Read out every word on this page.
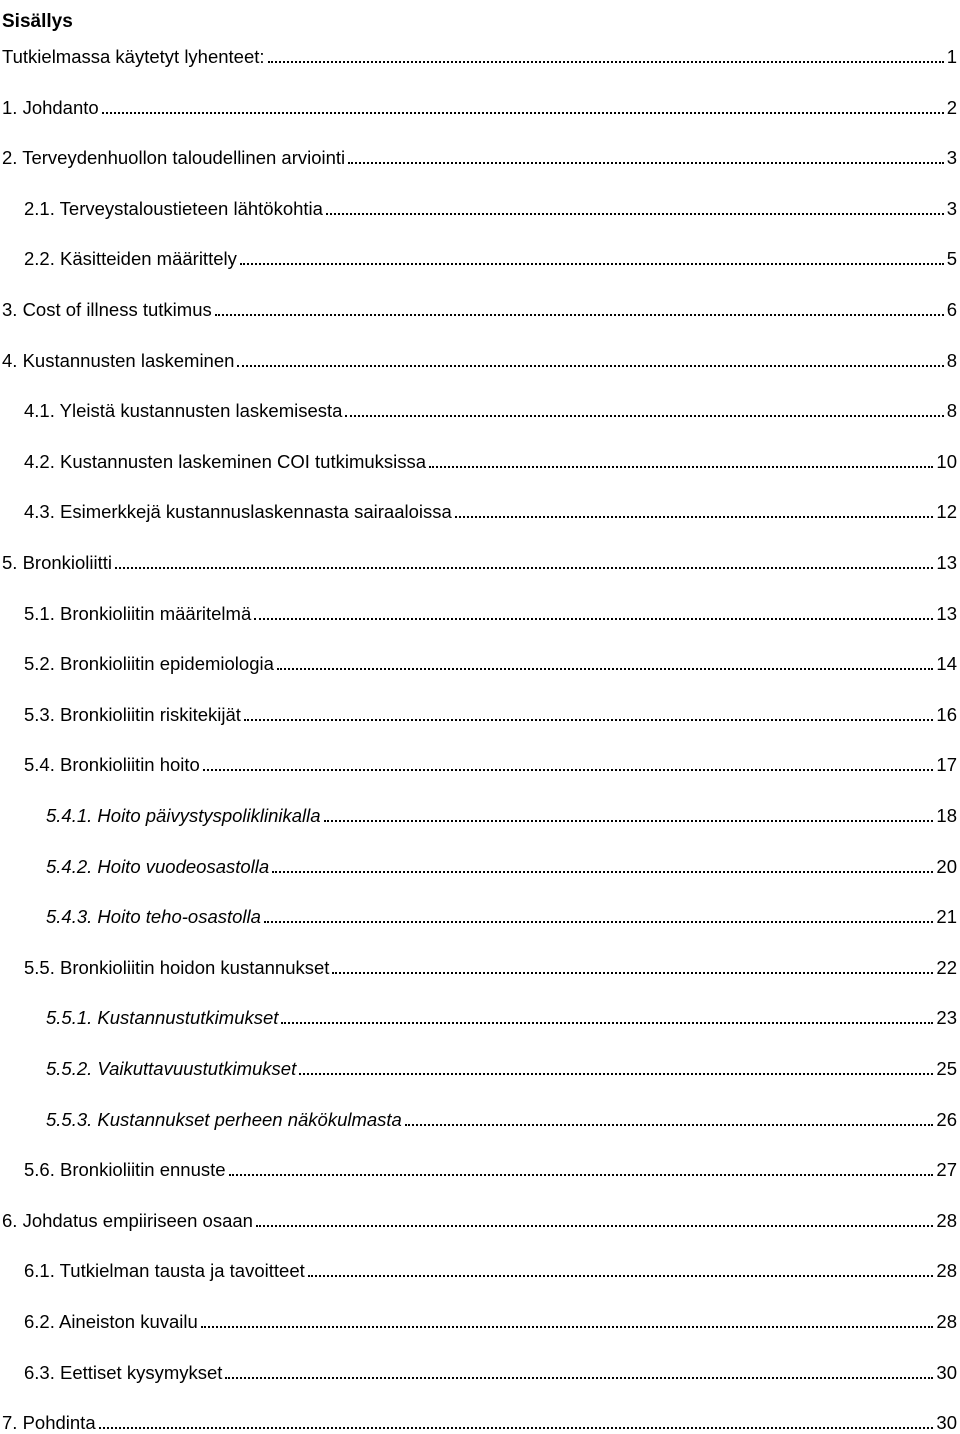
Sisällys
Tutkielmassa käytetyt lyhenteet:	1
1. Johdanto	2
2. Terveydenhuollon taloudellinen arviointi	3
2.1. Terveystaloustieteen lähtökohtia	3
2.2. Käsitteiden määrittely	5
3. Cost of illness tutkimus	6
4. Kustannusten laskeminen	8
4.1. Yleistä kustannusten laskemisesta	8
4.2. Kustannusten laskeminen COI tutkimuksissa	10
4.3. Esimerkkejä kustannuslaskennasta sairaaloissa	12
5. Bronkioliitti	13
5.1. Bronkioliitin määritelmä	13
5.2. Bronkioliitin epidemiologia	14
5.3. Bronkioliitin riskitekijät	16
5.4. Bronkioliitin hoito	17
5.4.1. Hoito päivystyspoliklinikalla	18
5.4.2. Hoito vuodeosastolla	20
5.4.3. Hoito teho-osastolla	21
5.5. Bronkioliitin hoidon kustannukset	22
5.5.1. Kustannustutkimukset	23
5.5.2. Vaikuttavuustutkimukset	25
5.5.3. Kustannukset perheen näkökulmasta	26
5.6. Bronkioliitin ennuste	27
6. Johdatus empiiriseen osaan	28
6.1. Tutkielman tausta ja tavoitteet	28
6.2. Aineiston kuvailu	28
6.3. Eettiset kysymykset	30
7. Pohdinta	30
